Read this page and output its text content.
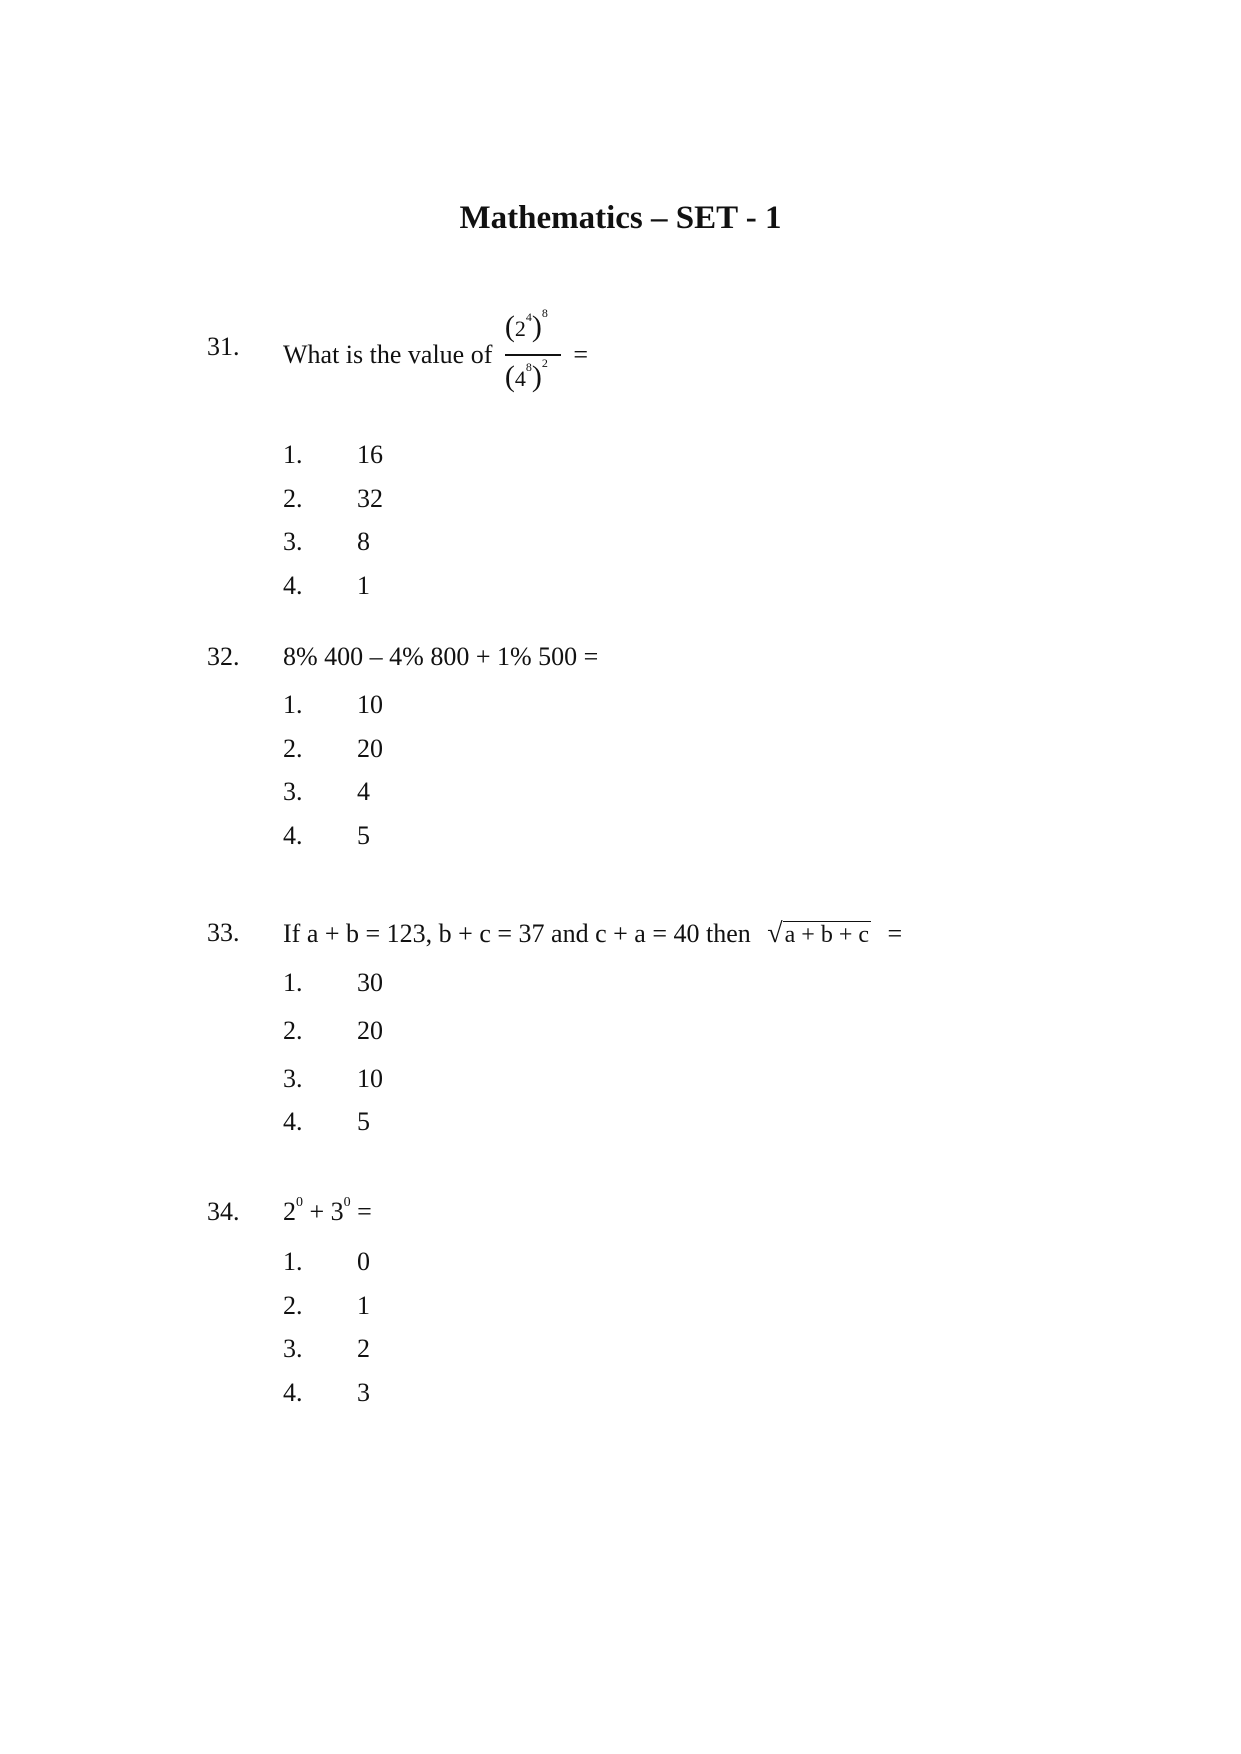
Mathematics – SET - 1
31. What is the value of $\frac{(2^4)^8}{(4^8)^2}$ =
1. 16
2. 32
3. 8
4. 1
32. 8% 400 – 4% 800 + 1% 500 =
1. 10
2. 20
3. 4
4. 5
33. If a + b = 123, b + c = 37 and c + a = 40 then √a + b + c =
1. 30
2. 20
3. 10
4. 5
34. $2^0 + 3^0$ =
1. 0
2. 1
3. 2
4. 3
